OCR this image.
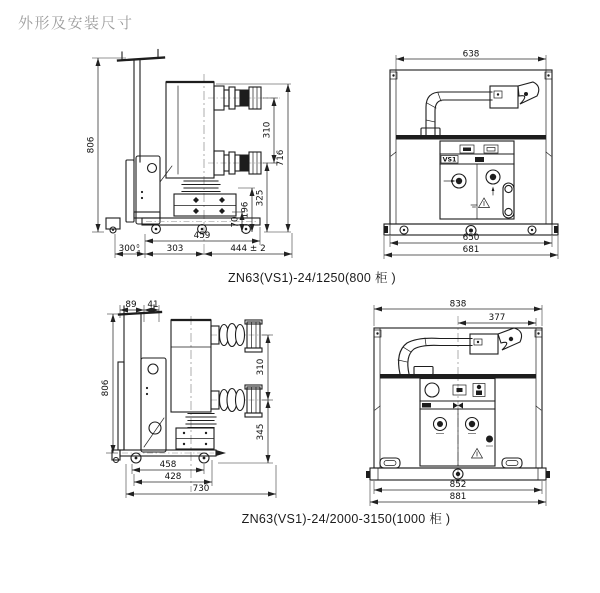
外形及安装尺寸
806
716
310
325
196
70
459
300 0
-3	303	444 ± 2
VS1
638
650
681
ZN63(VS1)-24/1250(800 柜 )
89 41
806
310
345
458
428
730
838
377
852
881
ZN63(VS1)-24/2000-3150(1000 柜 )
